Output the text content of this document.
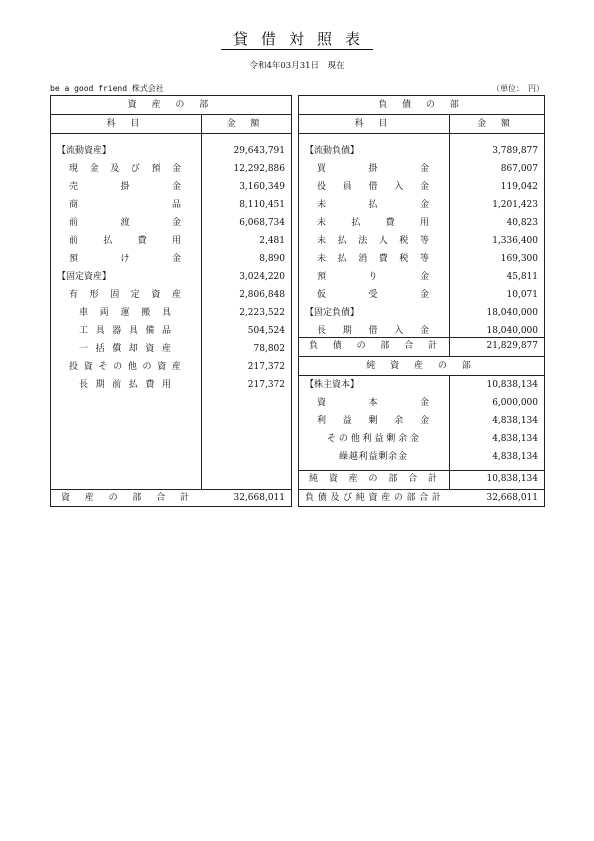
貸借対照表
令和4年03月31日　現在
be a good friend 株式会社	（単位：　円）
資 産 の 部
科 目	金 額
【流動資産】	29,643,791
現 金 及 び 預 金	12,292,886
売	掛	金	3,160,349
商	品	8,110,451
前	渡	金	6,068,734
前	払	費	用	2,481
預	け	金	8,890
【固定資産】	3,024,220
有 形 固 定 資 産	2,806,848
車 両 運 搬 具	2,223,522
工 具 器 具 備 品	504,524
一 括 償 却 資 産	78,802
投 資 そ の 他 の 資 産	217,372
長 期 前 払 費 用	217,372
資 産 の 部 合 計	32,668,011
負 債 の 部
科 目	金 額
【流動負債】	3,789,877
買	掛	金	867,007
役 員 借 入 金	119,042
未	払	金	1,201,423
未	払	費	用	40,823
未 払 法 人 税 等	1,336,400
未 払 消 費 税 等	169,300
預	り	金	45,811
仮	受	金	10,071
【固定負債】	18,040,000
長 期 借 入 金	18,040,000
負 債 の 部 合 計	21,829,877
純 資 産 の 部
【株主資本】	10,838,134
資	本	金	6,000,000
利 益 剰 余 金	4,838,134
そ の 他 利 益 剰 余 金	4,838,134
繰 越 利 益 剰 余 金	4,838,134
純 資 産 の 部 合 計	10,838,134
負 債 及 び 純 資 産 の 部 合 計	32,668,011
